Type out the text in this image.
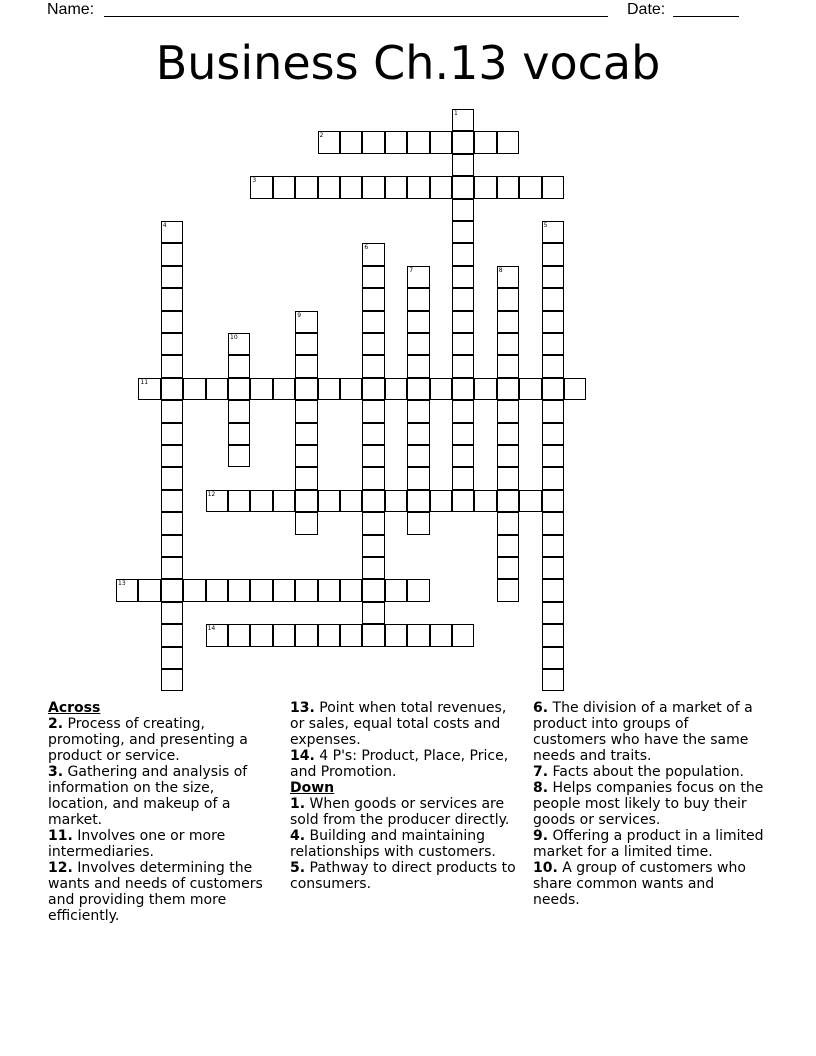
Name:	Date:
Business Ch.13 vocab
1
2
3
4	5
6
7	8
9
10
11
12
13
14

Across

2. Process of creating, promoting, and presenting a product or service.

3. Gathering and analysis of information on the size, location, and makeup of a market.

11. Involves one or more intermediaries.

12. Involves determining the wants and needs of customers and providing them more efficiently.

13. Point when total revenues, or sales, equal total costs and expenses.

14. 4 P's: Product, Place, Price, and Promotion.

Down

1. When goods or services are sold from the producer directly.

4. Building and maintaining relationships with customers.

5. Pathway to direct products to consumers.

6. The division of a market of a product into groups of customers who have the same needs and traits.

7. Facts about the population.

8. Helps companies focus on the people most likely to buy their goods or services.

9. Offering a product in a limited market for a limited time.

10. A group of customers who share common wants and needs.
